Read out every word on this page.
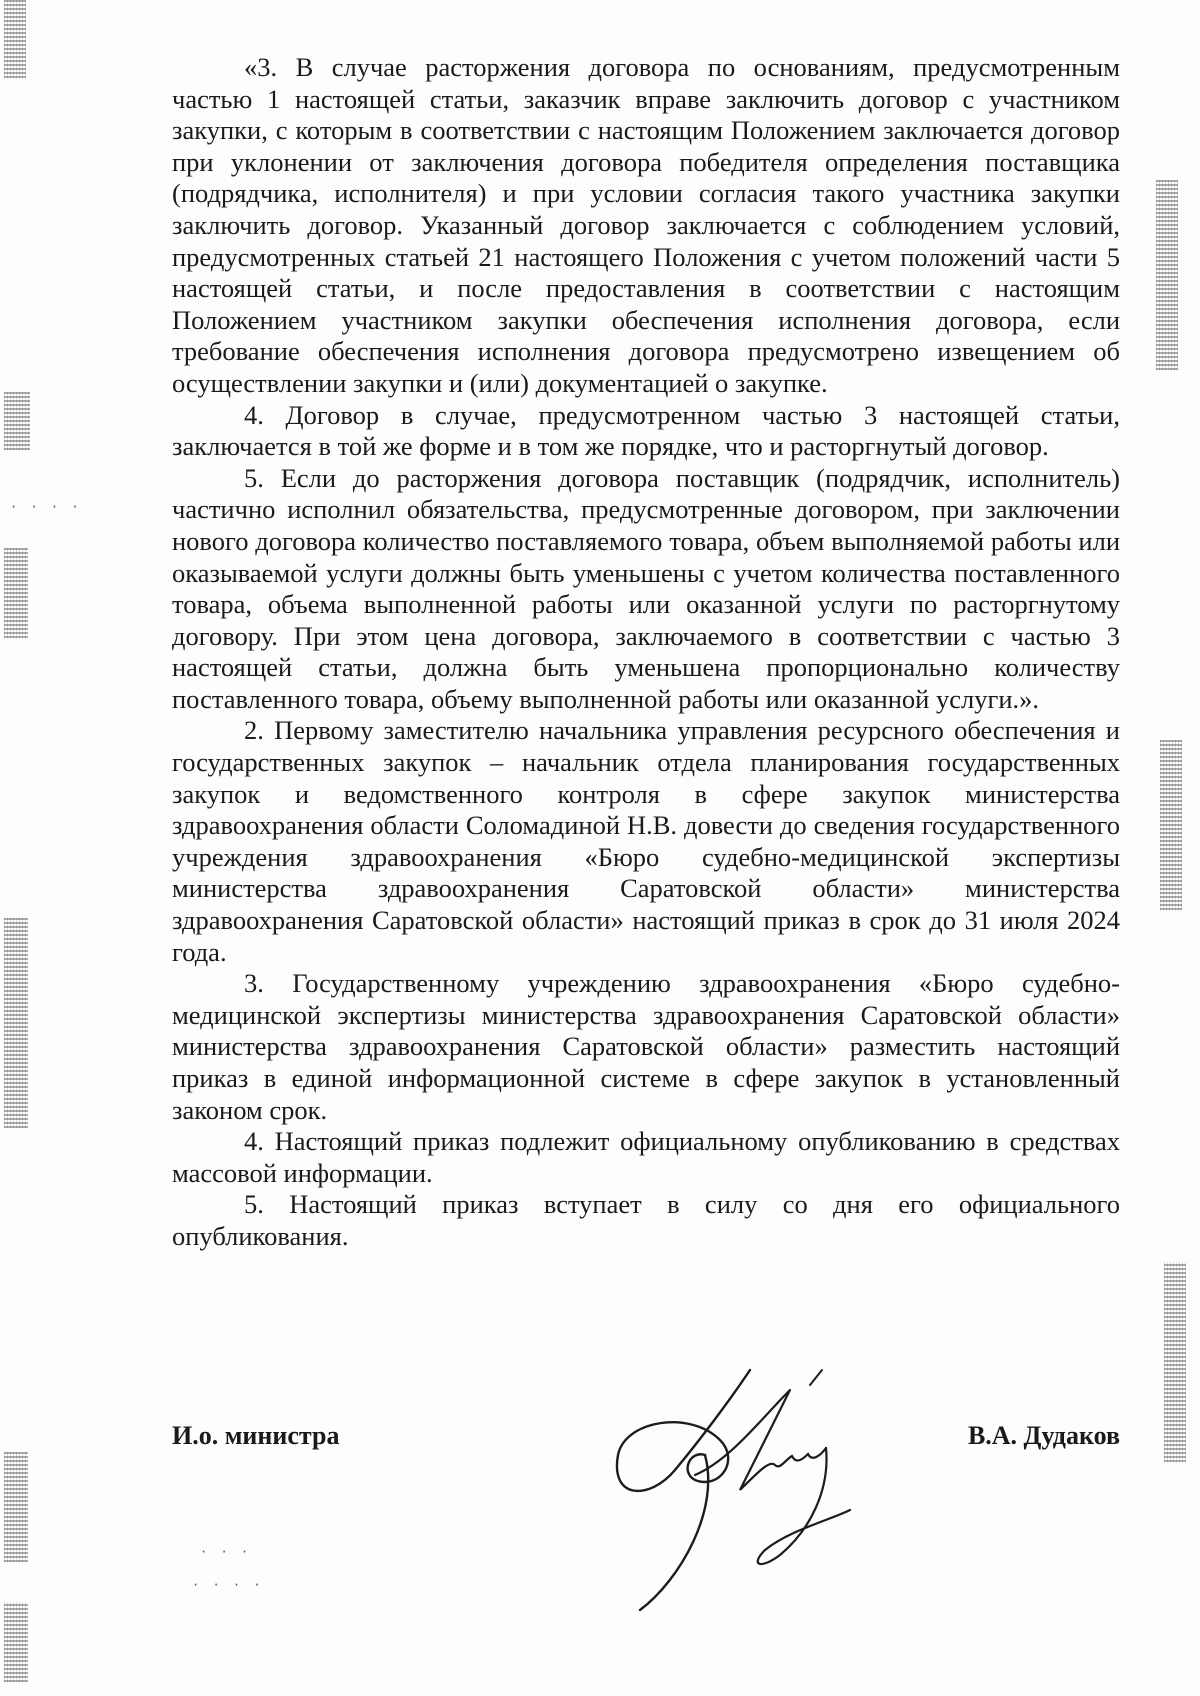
· · · ·
· · ·
· · · ·

«3. В случае расторжения договора по основаниям, предусмотренным частью 1 настоящей статьи, заказчик вправе заключить договор с участником закупки, с которым в соответствии с настоящим Положением заключается договор при уклонении от заключения договора победителя определения поставщика (подрядчика, исполнителя) и при условии согласия такого участника закупки заключить договор. Указанный договор заключается с соблюдением условий, предусмотренных статьей 21 настоящего Положения с учетом положений части 5 настоящей статьи, и после предоставления в соответствии с настоящим Положением участником закупки обеспечения исполнения договора, если требование обеспечения исполнения договора предусмотрено извещением об осуществлении закупки и (или) документацией о закупке.

4. Договор в случае, предусмотренном частью 3 настоящей статьи, заключается в той же форме и в том же порядке, что и расторгнутый договор.

5. Если до расторжения договора поставщик (подрядчик, исполнитель) частично исполнил обязательства, предусмотренные договором, при заключении нового договора количество поставляемого товара, объем выполняемой работы или оказываемой услуги должны быть уменьшены с учетом количества поставленного товара, объема выполненной работы или оказанной услуги по расторгнутому договору. При этом цена договора, заключаемого в соответствии с частью 3 настоящей статьи, должна быть уменьшена пропорционально количеству поставленного товара, объему выполненной работы или оказанной услуги.».

2. Первому заместителю начальника управления ресурсного обеспечения и государственных закупок – начальник отдела планирования государственных закупок и ведомственного контроля в сфере закупок министерства здравоохранения области Соломадиной Н.В. довести до сведения государственного учреждения здравоохранения «Бюро судебно-медицинской экспертизы министерства здравоохранения Саратовской области» министерства здравоохранения Саратовской области» настоящий приказ в срок до 31 июля 2024 года.

3. Государственному учреждению здравоохранения «Бюро судебно-медицинской экспертизы министерства здравоохранения Саратовской области» министерства здравоохранения Саратовской области» разместить настоящий приказ в единой информационной системе в сфере закупок в установленный законом срок.

4. Настоящий приказ подлежит официальному опубликованию в средствах массовой информации.

5. Настоящий приказ вступает в силу со дня его официального опубликования.

И.о. министра	В.А. Дудаков
